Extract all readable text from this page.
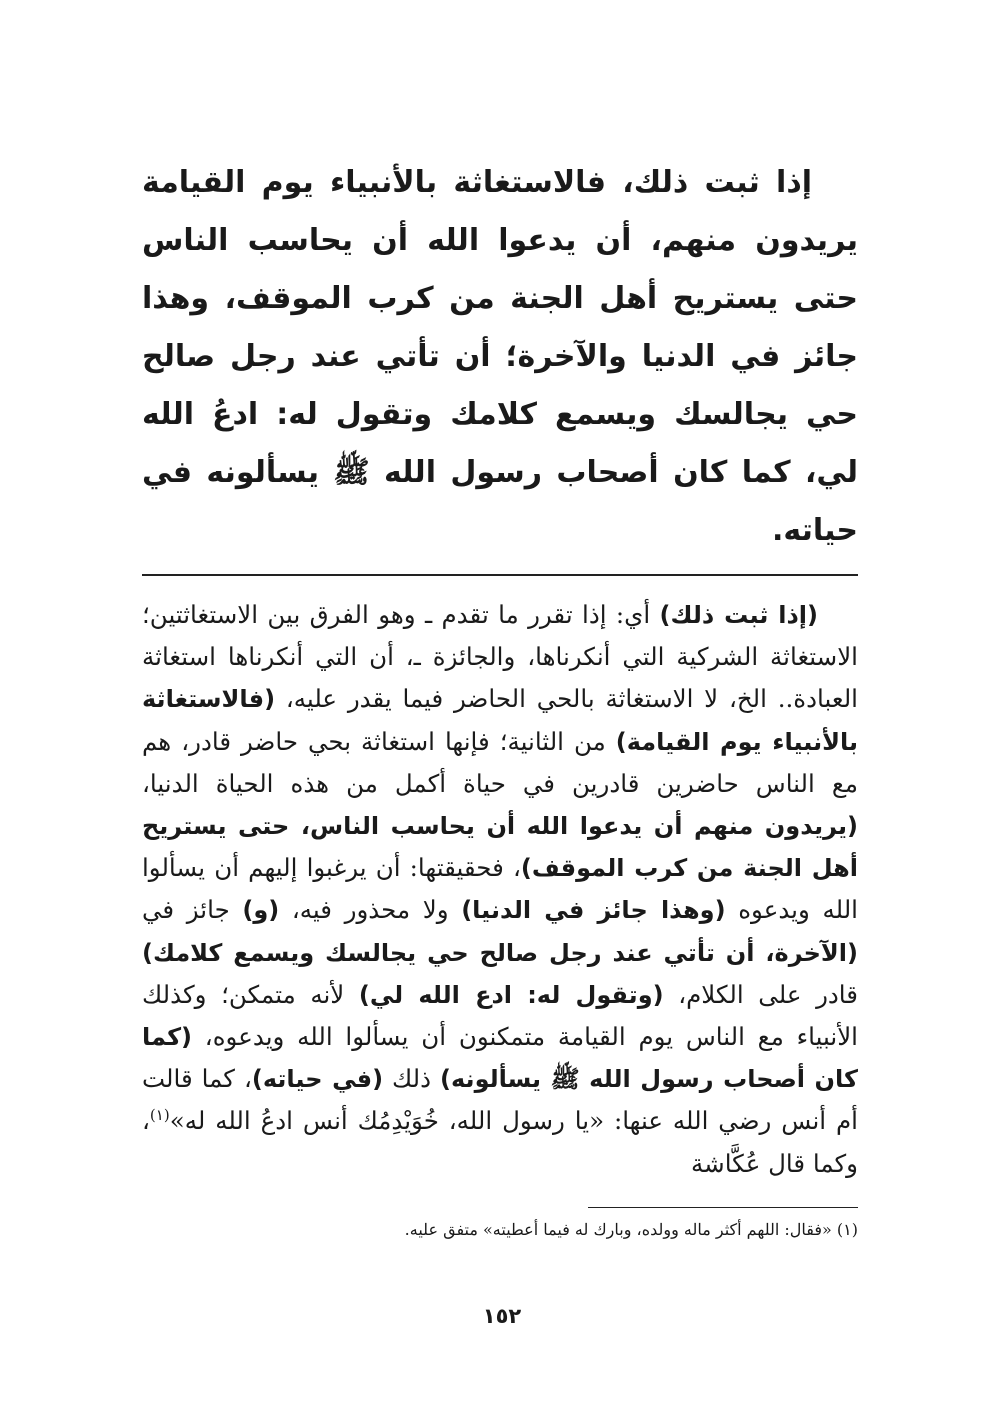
إذا ثبت ذلك، فالاستغاثة بالأنبياء يوم القيامة يريدون منهم، أن يدعوا الله أن يحاسب الناس حتى يستريح أهل الجنة من كرب الموقف، وهذا جائز في الدنيا والآخرة؛ أن تأتي عند رجل صالح حي يجالسك ويسمع كلامك وتقول له: ادعُ الله لي، كما كان أصحاب رسول الله ﷺ يسألونه في حياته.

(إذا ثبت ذلك) أي: إذا تقرر ما تقدم ـ وهو الفرق بين الاستغاثتين؛ الاستغاثة الشركية التي أنكرناها، والجائزة ـ، أن التي أنكرناها استغاثة العبادة.. الخ، لا الاستغاثة بالحي الحاضر فيما يقدر عليه، (فالاستغاثة بالأنبياء يوم القيامة) من الثانية؛ فإنها استغاثة بحي حاضر قادر، هم مع الناس حاضرين قادرين في حياة أكمل من هذه الحياة الدنيا، (يريدون منهم أن يدعوا الله أن يحاسب الناس، حتى يستريح أهل الجنة من كرب الموقف)، فحقيقتها: أن يرغبوا إليهم أن يسألوا الله ويدعوه (وهذا جائز في الدنيا) ولا محذور فيه، (و) جائز في (الآخرة، أن تأتي عند رجل صالح حي يجالسك ويسمع كلامك) قادر على الكلام، (وتقول له: ادع الله لي) لأنه متمكن؛ وكذلك الأنبياء مع الناس يوم القيامة متمكنون أن يسألوا الله ويدعوه، (كما كان أصحاب رسول الله ﷺ يسألونه) ذلك (في حياته)، كما قالت أم أنس رضي الله عنها: «يا رسول الله، خُوَيْدِمُك أنس ادعُ الله له»$^{(١)}$، وكما قال عُكَّاشة

(١) «فقال: اللهم أكثر ماله وولده، وبارك له فيما أعطيته» متفق عليه.

١٥٢
